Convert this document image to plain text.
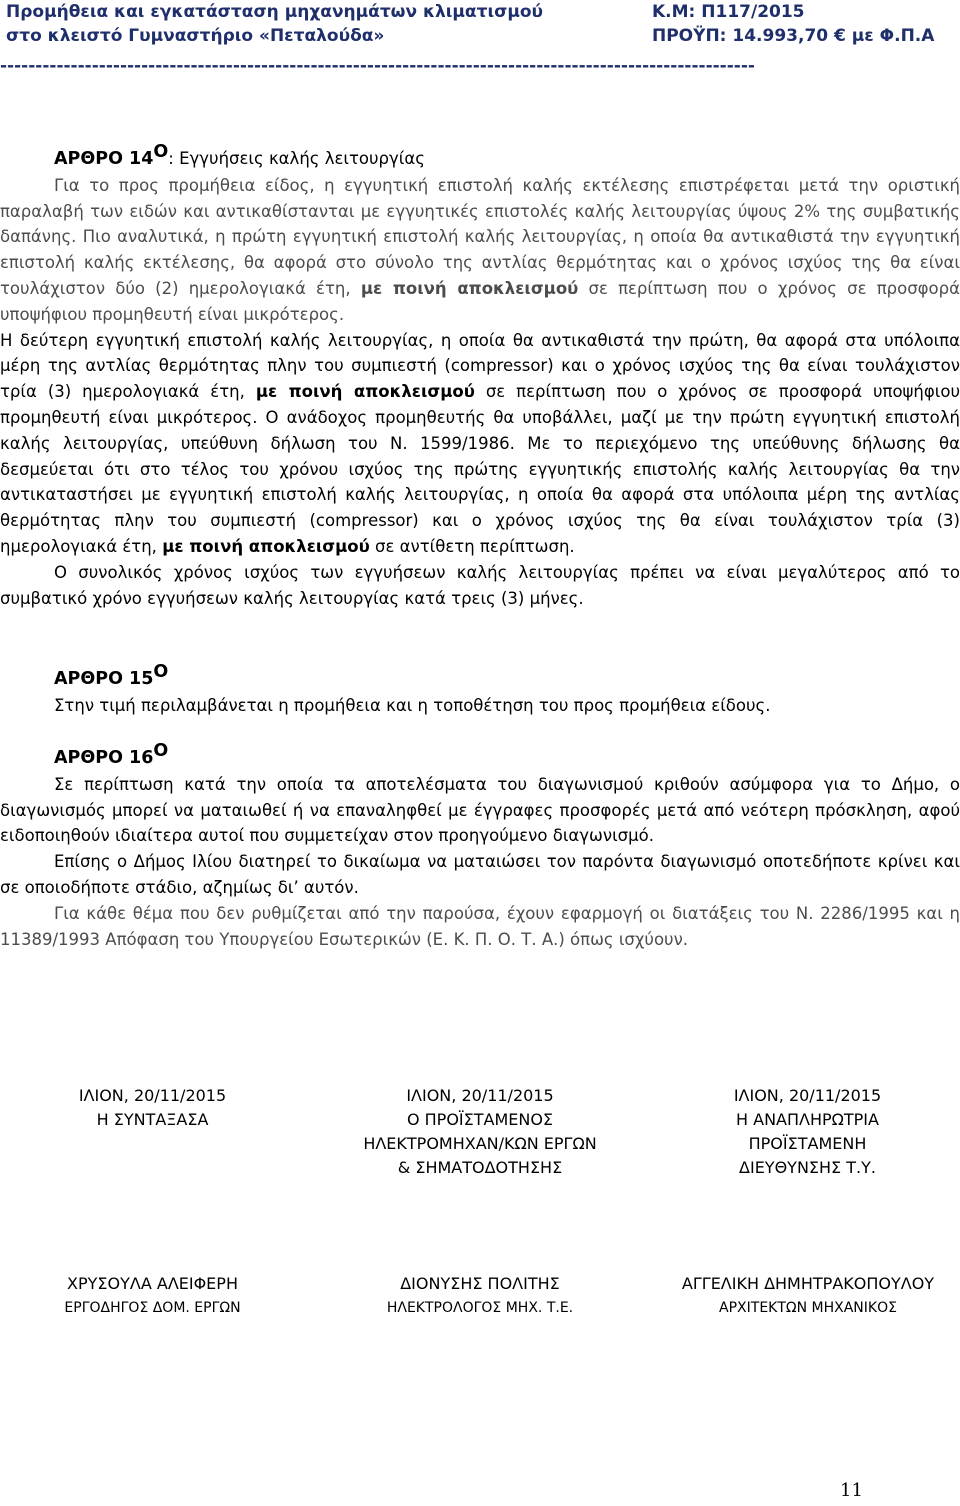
Προμήθεια και εγκατάσταση μηχανημάτων κλιματισμού
στο κλειστό Γυμναστήριο «Πεταλούδα»
Κ.Μ: Π117/2015
ΠΡΟΫΠ: 14.993,70 € με Φ.Π.Α
-----------------------------------------------------------------------------------------------------------
ΑΡΘΡΟ $14^O$: Εγγυήσεις καλής λειτουργίας

Για το προς προμήθεια είδος, η εγγυητική επιστολή καλής εκτέλεσης επιστρέφεται μετά την οριστική παραλαβή των ειδών και αντικαθίστανται με εγγυητικές επιστολές καλής λειτουργίας ύψους 2% της συμβατικής δαπάνης. Πιο αναλυτικά, η πρώτη εγγυητική επιστολή καλής λειτουργίας, η οποία θα αντικαθιστά την εγγυητική επιστολή καλής εκτέλεσης, θα αφορά στο σύνολο της αντλίας θερμότητας και ο χρόνος ισχύος της θα είναι τουλάχιστον δύο (2) ημερολογιακά έτη, με ποινή αποκλεισμού σε περίπτωση που ο χρόνος σε προσφορά υποψήφιου προμηθευτή είναι μικρότερος.

Η δεύτερη εγγυητική επιστολή καλής λειτουργίας, η οποία θα αντικαθιστά την πρώτη, θα αφορά στα υπόλοιπα μέρη της αντλίας θερμότητας πλην του συμπιεστή (compressor) και ο χρόνος ισχύος της θα είναι τουλάχιστον τρία (3) ημερολογιακά έτη, με ποινή αποκλεισμού σε περίπτωση που ο χρόνος σε προσφορά υποψήφιου προμηθευτή είναι μικρότερος. Ο ανάδοχος προμηθευτής θα υποβάλλει, μαζί με την πρώτη εγγυητική επιστολή καλής λειτουργίας, υπεύθυνη δήλωση του Ν. 1599/1986. Με το περιεχόμενο της υπεύθυνης δήλωσης θα δεσμεύεται ότι στο τέλος του χρόνου ισχύος της πρώτης εγγυητικής επιστολής καλής λειτουργίας θα την αντικαταστήσει με εγγυητική επιστολή καλής λειτουργίας, η οποία θα αφορά στα υπόλοιπα μέρη της αντλίας θερμότητας πλην του συμπιεστή (compressor) και ο χρόνος ισχύος της θα είναι τουλάχιστον τρία (3) ημερολογιακά έτη, με ποινή αποκλεισμού σε αντίθετη περίπτωση.

Ο συνολικός χρόνος ισχύος των εγγυήσεων καλής λειτουργίας πρέπει να είναι μεγαλύτερος από το συμβατικό χρόνο εγγυήσεων καλής λειτουργίας κατά τρεις (3) μήνες.

ΑΡΘΡΟ $15^O$

Στην τιμή περιλαμβάνεται η προμήθεια και η τοποθέτηση του προς προμήθεια είδους.

ΑΡΘΡΟ $16^O$

Σε περίπτωση κατά την οποία τα αποτελέσματα του διαγωνισμού κριθούν ασύμφορα για το Δήμο, ο διαγωνισμός μπορεί να ματαιωθεί ή να επαναληφθεί με έγγραφες προσφορές μετά από νεότερη πρόσκληση, αφού ειδοποιηθούν ιδιαίτερα αυτοί που συμμετείχαν στον προηγούμενο διαγωνισμό.

Επίσης ο Δήμος Ιλίου διατηρεί το δικαίωμα να ματαιώσει τον παρόντα διαγωνισμό οποτεδήποτε κρίνει και σε οποιοδήποτε στάδιο, αζημίως δι’ αυτόν.

Για κάθε θέμα που δεν ρυθμίζεται από την παρούσα, έχουν εφαρμογή οι διατάξεις του Ν. 2286/1995 και η 11389/1993 Απόφαση του Υπουργείου Εσωτερικών (Ε. Κ. Π. Ο. Τ. Α.) όπως ισχύουν.

ΙΛΙΟΝ, 20/11/2015
Η ΣΥΝΤΑΞΑΣΑ
ΙΛΙΟΝ, 20/11/2015
Ο ΠΡΟΪΣΤΑΜΕΝΟΣ
ΗΛΕΚΤΡΟΜΗΧΑΝ/ΚΩΝ ΕΡΓΩΝ
& ΣΗΜΑΤΟΔΟΤΗΣΗΣ
ΙΛΙΟΝ, 20/11/2015
Η ΑΝΑΠΛΗΡΩΤΡΙΑ
ΠΡΟΪΣΤΑΜΕΝΗ
ΔΙΕΥΘΥΝΣΗΣ Τ.Υ.
ΧΡΥΣΟΥΛΑ ΑΛΕΙΦΕΡΗ
ΕΡΓΟΔΗΓΟΣ ΔΟΜ. ΕΡΓΩΝ
ΔΙΟΝΥΣΗΣ ΠΟΛΙΤΗΣ
ΗΛΕΚΤΡΟΛΟΓΟΣ ΜΗΧ. Τ.Ε.
ΑΓΓΕΛΙΚΗ ΔΗΜΗΤΡΑΚΟΠΟΥΛΟΥ
ΑΡΧΙΤΕΚΤΩΝ ΜΗΧΑΝΙΚΟΣ
11
